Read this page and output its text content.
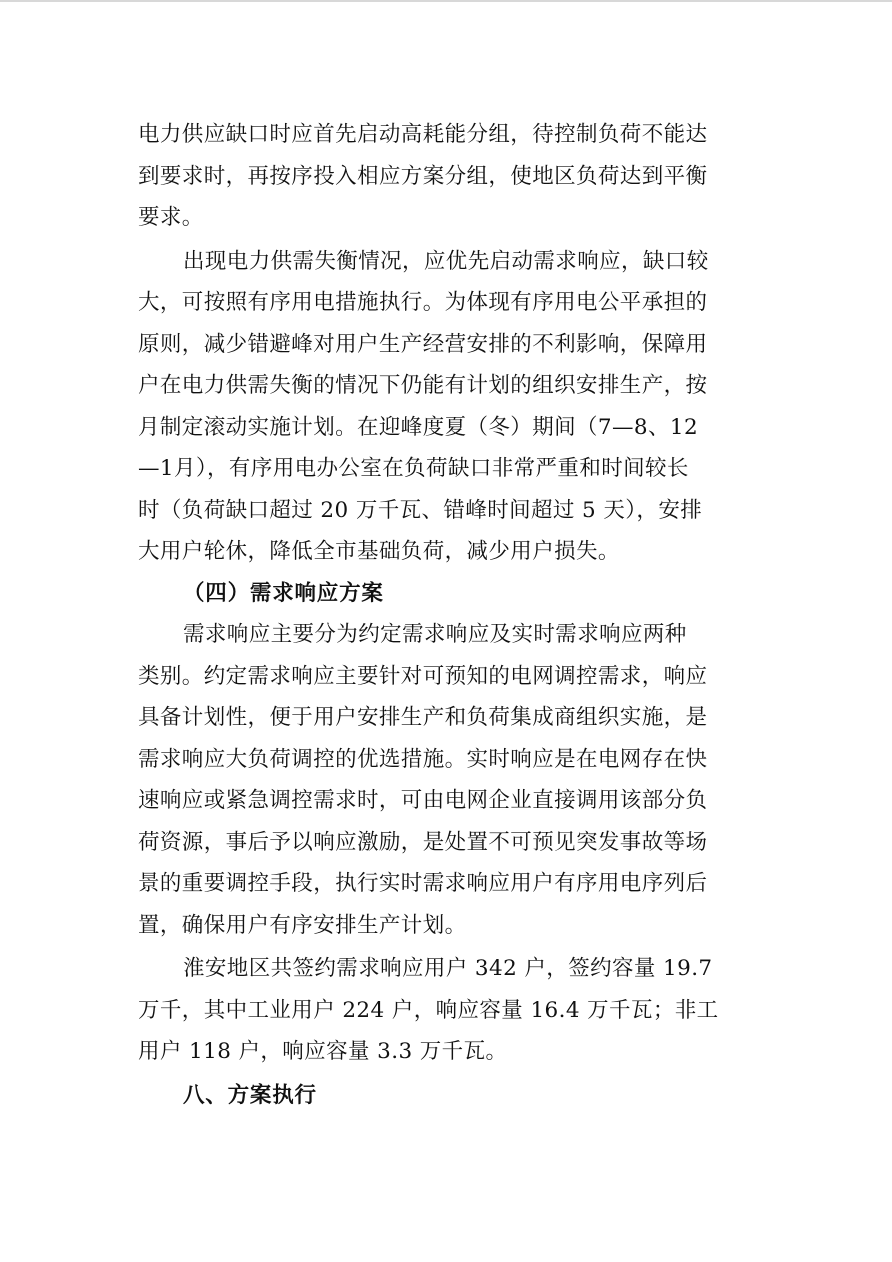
电力供应缺口时应首先启动高耗能分组，待控制负荷不能达
到要求时，再按序投入相应方案分组，使地区负荷达到平衡
要求。

出现电力供需失衡情况，应优先启动需求响应，缺口较
大，可按照有序用电措施执行。为体现有序用电公平承担的
原则，减少错避峰对用户生产经营安排的不利影响，保障用
户在电力供需失衡的情况下仍能有计划的组织安排生产，按
月制定滚动实施计划。在迎峰度夏（冬）期间（7—8、12
—1月），有序用电办公室在负荷缺口非常严重和时间较长
时（负荷缺口超过 20 万千瓦、错峰时间超过 5 天），安排
大用户轮休，降低全市基础负荷，减少用户损失。

（四）需求响应方案

需求响应主要分为约定需求响应及实时需求响应两种
类别。约定需求响应主要针对可预知的电网调控需求，响应
具备计划性，便于用户安排生产和负荷集成商组织实施，是
需求响应大负荷调控的优选措施。实时响应是在电网存在快
速响应或紧急调控需求时，可由电网企业直接调用该部分负
荷资源，事后予以响应激励，是处置不可预见突发事故等场
景的重要调控手段，执行实时需求响应用户有序用电序列后
置，确保用户有序安排生产计划。

淮安地区共签约需求响应用户 342 户，签约容量 19.7
万千，其中工业用户 224 户，响应容量 16.4 万千瓦；非工
用户 118 户，响应容量 3.3 万千瓦。

八、方案执行
